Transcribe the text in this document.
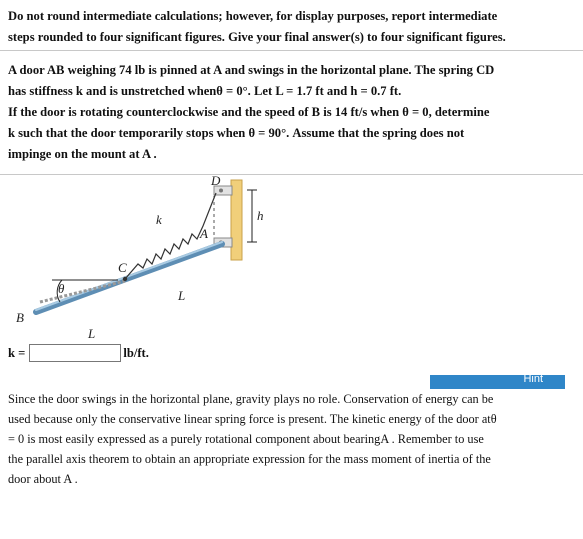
Do not round intermediate calculations; however, for display purposes, report intermediate
steps rounded to four significant figures. Give your final answer(s) to four significant figures.
A door AB weighing 74 lb is pinned at A and swings in the horizontal plane. The spring CD
has stiffness k and is unstretched whenθ = 0°. Let L = 1.7 ft and h = 0.7 ft.
If the door is rotating counterclockwise and the speed of B is 14 ft/s when θ = 0, determine
k such that the door temporarily stops when θ = 90°. Assume that the spring does not
impinge on the mount at A .
D
k	h
A
C
θ	L
B
L
k =	lb/ft.
Hint
Since the door swings in the horizontal plane, gravity plays no role. Conservation of energy can be
used because only the conservative linear spring force is present. The kinetic energy of the door atθ
= 0 is most easily expressed as a purely rotational component about bearingA . Remember to use
the parallel axis theorem to obtain an appropriate expression for the mass moment of inertia of the
door about A .
